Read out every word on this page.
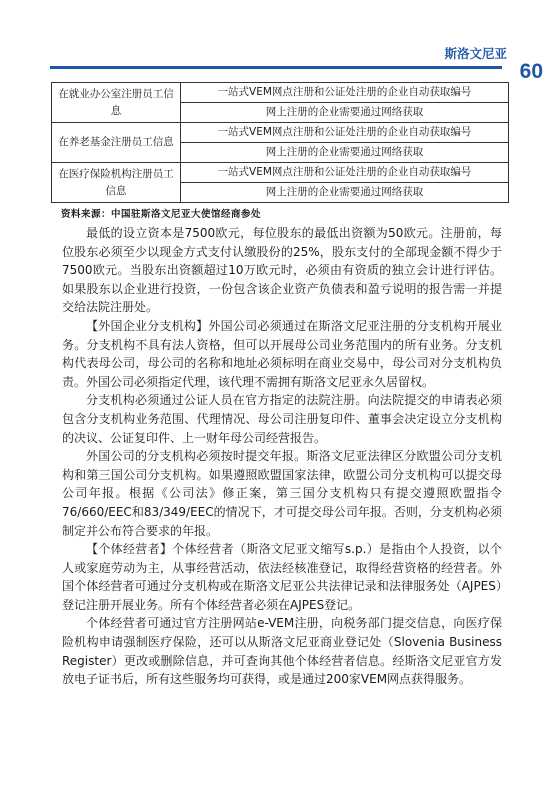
斯洛文尼亚
60
在就业办公室注册员工信息	一站式VEM网点注册和公证处注册的企业自动获取编号
	网上注册的企业需要通过网络获取
在养老基金注册员工信息	一站式VEM网点注册和公证处注册的企业自动获取编号
	网上注册的企业需要通过网络获取
在医疗保险机构注册员工信息	一站式VEM网点注册和公证处注册的企业自动获取编号
	网上注册的企业需要通过网络获取
资料来源：中国驻斯洛文尼亚大使馆经商参处

最低的设立资本是7500欧元，每位股东的最低出资额为50欧元。注册前，每位股东必须至少以现金方式支付认缴股份的25%，股东支付的全部现金额不得少于7500欧元。当股东出资额超过10万欧元时，必须由有资质的独立会计进行评估。如果股东以企业进行投资，一份包含该企业资产负债表和盈亏说明的报告需一并提交给法院注册处。

【外国企业分支机构】外国公司必须通过在斯洛文尼亚注册的分支机构开展业务。分支机构不具有法人资格，但可以开展母公司业务范围内的所有业务。分支机构代表母公司，母公司的名称和地址必须标明在商业交易中，母公司对分支机构负责。外国公司必须指定代理，该代理不需拥有斯洛文尼亚永久居留权。

分支机构必须通过公证人员在官方指定的法院注册。向法院提交的申请表必须包含分支机构业务范围、代理情况、母公司注册复印件、董事会决定设立分支机构的决议、公证复印件、上一财年母公司经营报告。

外国公司的分支机构必须按时提交年报。斯洛文尼亚法律区分欧盟公司分支机构和第三国公司分支机构。如果遵照欧盟国家法律，欧盟公司分支机构可以提交母公司年报。根据《公司法》修正案，第三国分支机构只有提交遵照欧盟指令76/660/EEC和83/349/EEC的情况下，才可提交母公司年报。否则，分支机构必须制定并公布符合要求的年报。

【个体经营者】个体经营者（斯洛文尼亚文缩写s.p.）是指由个人投资，以个人或家庭劳动为主，从事经营活动，依法经核准登记，取得经营资格的经营者。外国个体经营者可通过分支机构或在斯洛文尼亚公共法律记录和法律服务处（AJPES）登记注册开展业务。所有个体经营者必须在AJPES登记。

个体经营者可通过官方注册网站e-VEM注册，向税务部门提交信息，向医疗保险机构申请强制医疗保险，还可以从斯洛文尼亚商业登记处（Slovenia Business Register）更改或删除信息，并可查询其他个体经营者信息。经斯洛文尼亚官方发放电子证书后，所有这些服务均可获得，或是通过200家VEM网点获得服务。
